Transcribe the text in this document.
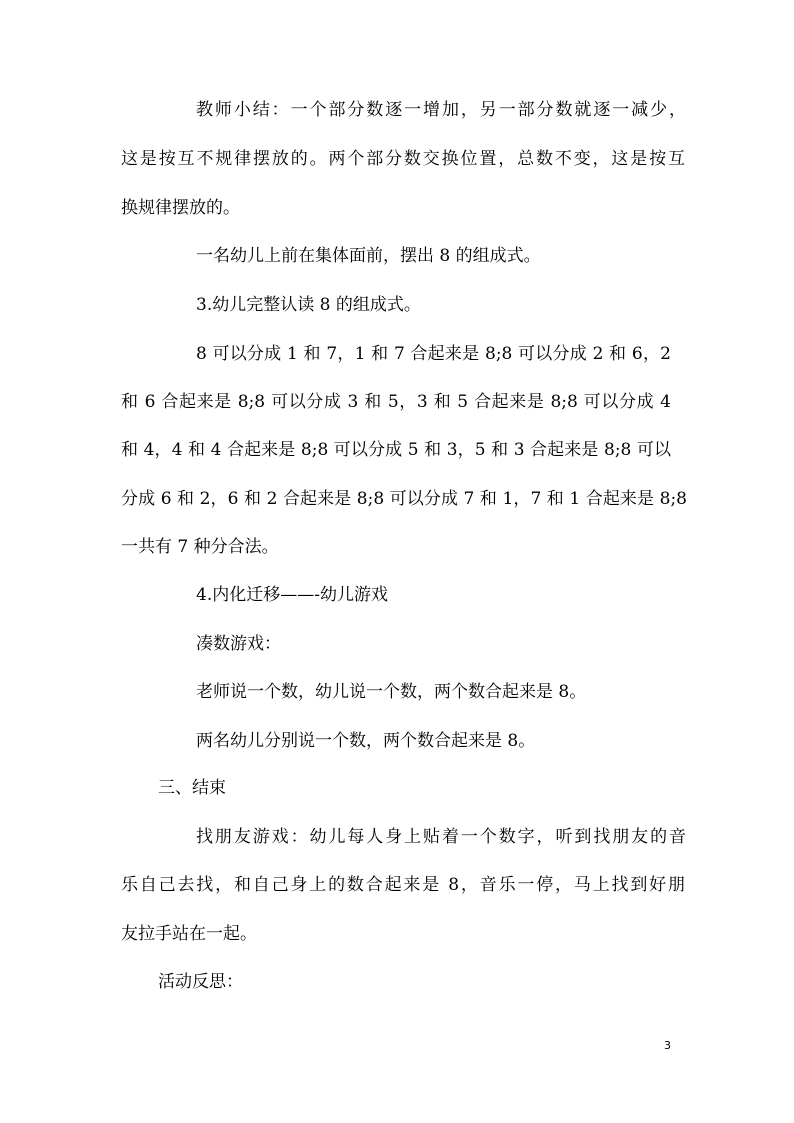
教师小结：一个部分数逐一增加，另一部分数就逐一减少，

这是按互不规律摆放的。两个部分数交换位置，总数不变，这是按互

换规律摆放的。

一名幼儿上前在集体面前，摆出 8 的组成式。

3.幼儿完整认读 8 的组成式。

8 可以分成 1 和 7，1 和 7 合起来是 8;8 可以分成 2 和 6，2

和 6 合起来是 8;8 可以分成 3 和 5，3 和 5 合起来是 8;8 可以分成 4

和 4，4 和 4 合起来是 8;8 可以分成 5 和 3，5 和 3 合起来是 8;8 可以

分成 6 和 2，6 和 2 合起来是 8;8 可以分成 7 和 1，7 和 1 合起来是 8;8

一共有 7 种分合法。

4.内化迁移——-幼儿游戏

凑数游戏：

老师说一个数，幼儿说一个数，两个数合起来是 8。

两名幼儿分别说一个数，两个数合起来是 8。

三、结束

找朋友游戏：幼儿每人身上贴着一个数字，听到找朋友的音

乐自己去找，和自己身上的数合起来是 8，音乐一停，马上找到好朋

友拉手站在一起。

活动反思：

3
